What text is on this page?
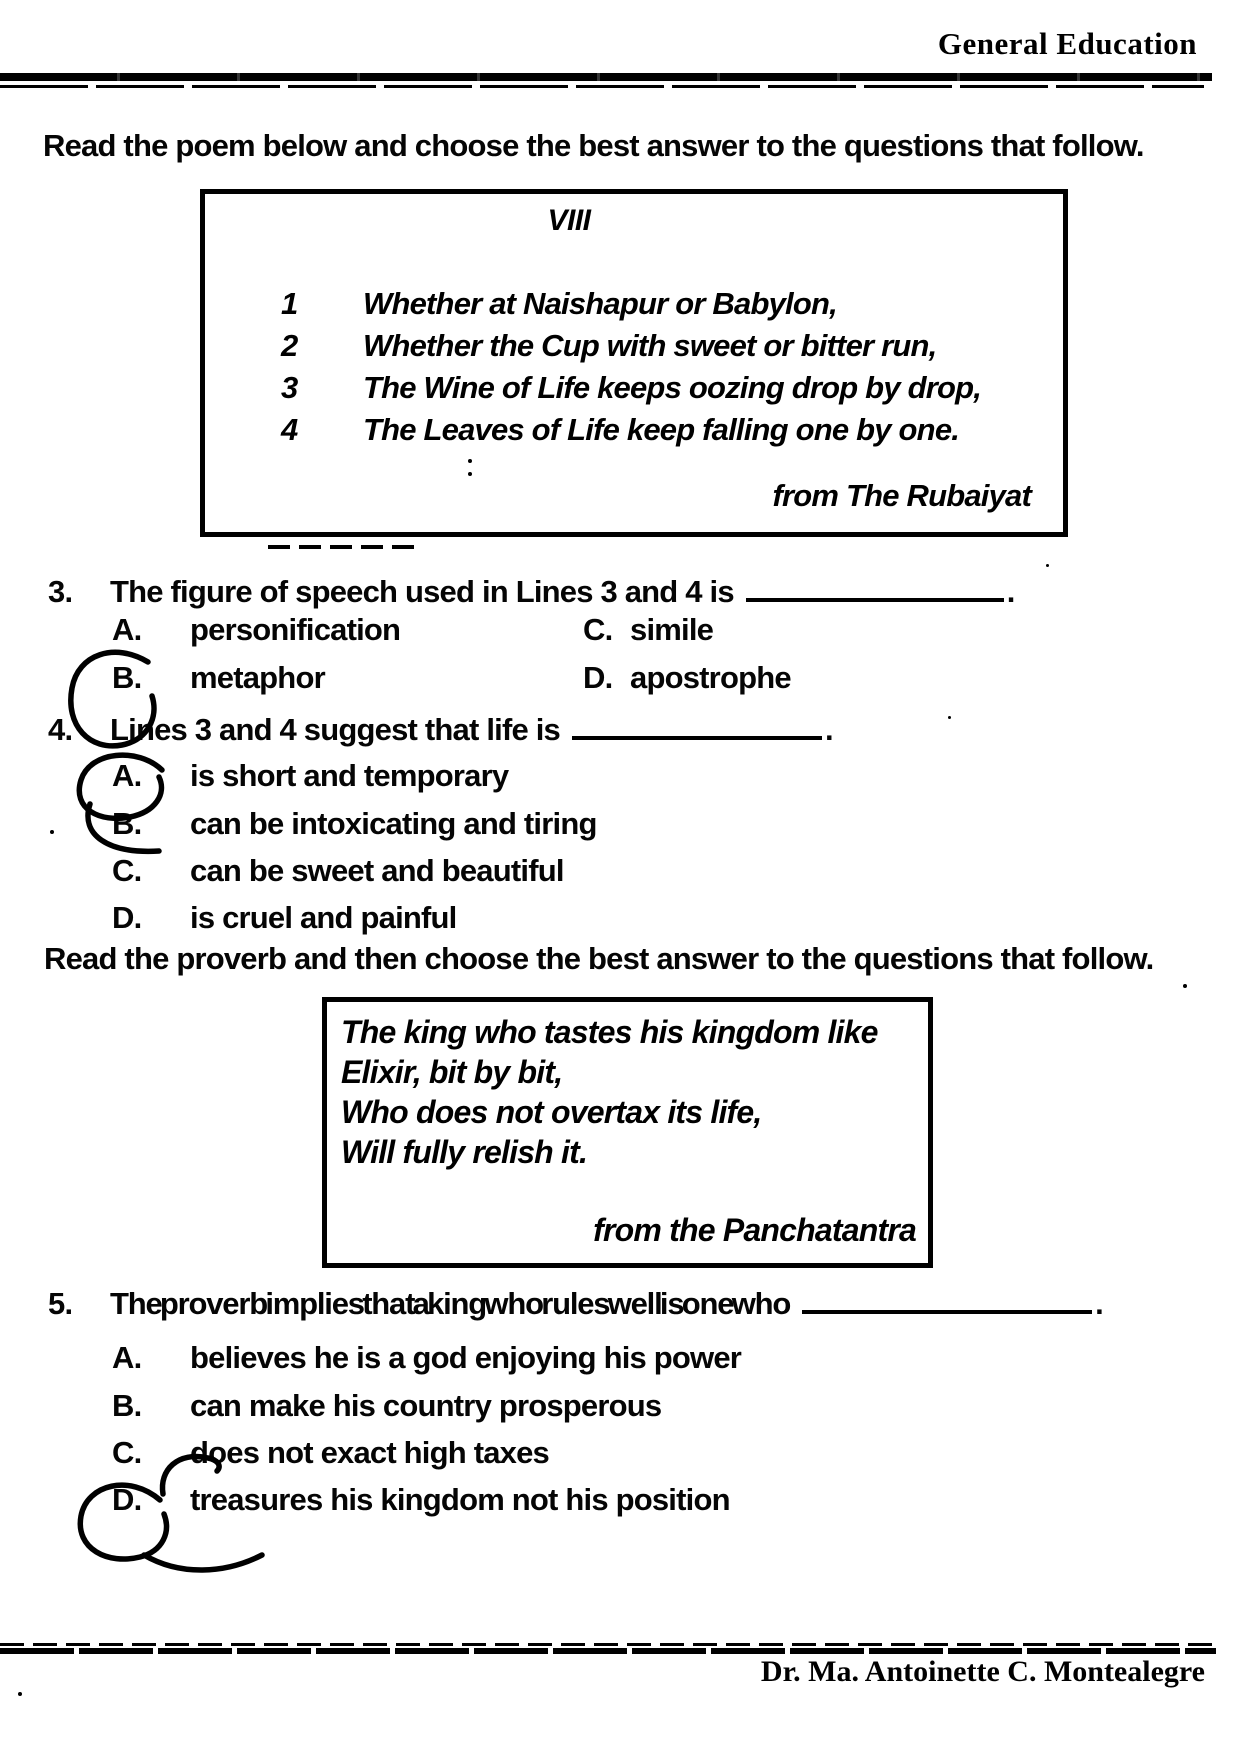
General Education
Read the poem below and choose the best answer to the questions that follow.
VIII
1 Whether at Naishapur or Babylon,
2 Whether the Cup with sweet or bitter run,
3 The Wine of Life keeps oozing drop by drop,
4 The Leaves of Life keep falling one by one.
from The Rubaiyat
3. The figure of speech used in Lines 3 and 4 is	.
A. personification	C. simile
B. metaphor	D. apostrophe
4. Lines 3 and 4 suggest that life is	.
A. is short and temporary
B. can be intoxicating and tiring
C. can be sweet and beautiful
D. is cruel and painful
Read the proverb and then choose the best answer to the questions that follow.
The king who tastes his kingdom like
Elixir, bit by bit,
Who does not overtax its life,
Will fully relish it.
from the Panchatantra
5. The proverb implies that a king who rules well is one who	.
A. believes he is a god enjoying his power
B. can make his country prosperous
C. does not exact high taxes
D. treasures his kingdom not his position
Dr. Ma. Antoinette C. Montealegre
